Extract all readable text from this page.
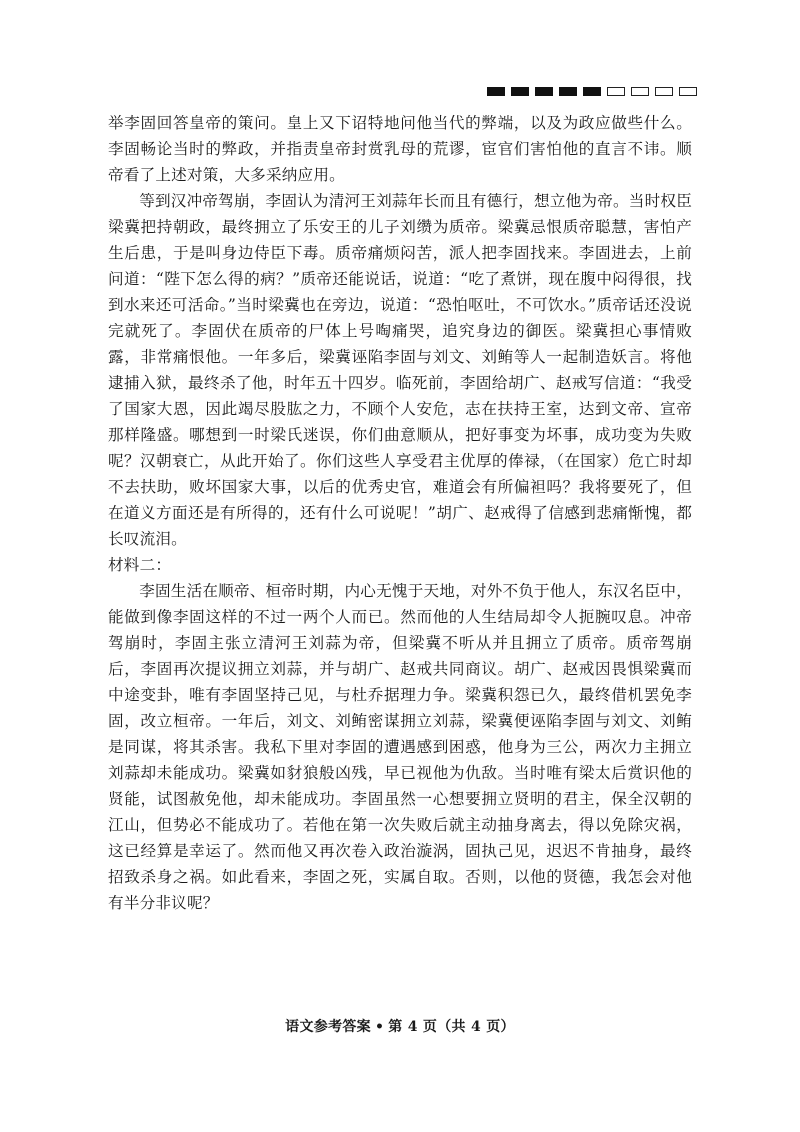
举李固回答皇帝的策问。皇上又下诏特地问他当代的弊端，以及为政应做些什么。李固畅论当时的弊政，并指责皇帝封赏乳母的荒谬，宦官们害怕他的直言不讳。顺帝看了上述对策，大多采纳应用。

等到汉冲帝驾崩，李固认为清河王刘蒜年长而且有德行，想立他为帝。当时权臣梁冀把持朝政，最终拥立了乐安王的儿子刘缵为质帝。梁冀忌恨质帝聪慧，害怕产生后患，于是叫身边侍臣下毒。质帝痛烦闷苦，派人把李固找来。李固进去，上前问道：“陛下怎么得的病？”质帝还能说话，说道：“吃了煮饼，现在腹中闷得很，找到水来还可活命。”当时梁冀也在旁边，说道：“恐怕呕吐，不可饮水。”质帝话还没说完就死了。李固伏在质帝的尸体上号啕痛哭，追究身边的御医。梁冀担心事情败露，非常痛恨他。一年多后，梁冀诬陷李固与刘文、刘鲔等人一起制造妖言。将他逮捕入狱，最终杀了他，时年五十四岁。临死前，李固给胡广、赵戒写信道：“我受了国家大恩，因此竭尽股肱之力，不顾个人安危，志在扶持王室，达到文帝、宣帝那样隆盛。哪想到一时梁氏迷误，你们曲意顺从，把好事变为坏事，成功变为失败呢？汉朝衰亡，从此开始了。你们这些人享受君主优厚的俸禄，（在国家）危亡时却不去扶助，败坏国家大事，以后的优秀史官，难道会有所偏袒吗？我将要死了，但在道义方面还是有所得的，还有什么可说呢！”胡广、赵戒得了信感到悲痛惭愧，都长叹流泪。

材料二：

李固生活在顺帝、桓帝时期，内心无愧于天地，对外不负于他人，东汉名臣中，能做到像李固这样的不过一两个人而已。然而他的人生结局却令人扼腕叹息。冲帝驾崩时，李固主张立清河王刘蒜为帝，但梁冀不听从并且拥立了质帝。质帝驾崩后，李固再次提议拥立刘蒜，并与胡广、赵戒共同商议。胡广、赵戒因畏惧梁冀而中途变卦，唯有李固坚持己见，与杜乔据理力争。梁冀积怨已久，最终借机罢免李固，改立桓帝。一年后，刘文、刘鲔密谋拥立刘蒜，梁冀便诬陷李固与刘文、刘鲔是同谋，将其杀害。我私下里对李固的遭遇感到困惑，他身为三公，两次力主拥立刘蒜却未能成功。梁冀如豺狼般凶残，早已视他为仇敌。当时唯有梁太后赏识他的贤能，试图赦免他，却未能成功。李固虽然一心想要拥立贤明的君主，保全汉朝的江山，但势必不能成功了。若他在第一次失败后就主动抽身离去，得以免除灾祸，这已经算是幸运了。然而他又再次卷入政治漩涡，固执己见，迟迟不肯抽身，最终招致杀身之祸。如此看来，李固之死，实属自取。否则，以他的贤德，我怎会对他有半分非议呢？

语文参考答案 • 第 4 页（共 4 页）
